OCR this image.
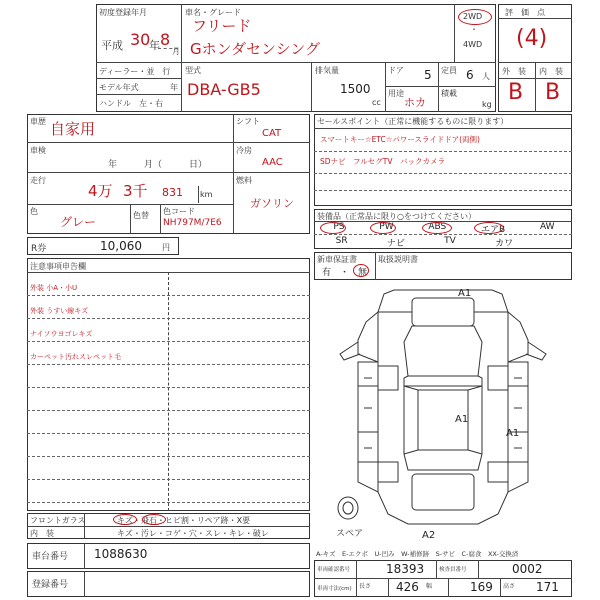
初度登録年月
平成 30
年 8
月
車名・グレード
フリード
Gホンダセンシング
2WD
・
4WD
ディーラー・並　行
モデル年式	年
ハンドル　左・右
型式
DBA-GB5
排気量
1500
cc
ドア 5
用途
ホカ
定員 6 人
積載
kg
評　価　点
(4)
外　装 内　装
B B
車歴 自家用
車検
年　　　月（　　　日）
走行
4万 3千 831 km
色
グレー	色替 色コード
NH797M/7E6
シフト
CAT
冷房
AAC
燃料
ガソリン
R券	10,060	円
セールスポイント（正常に機能するものに限ります）
スマートキー☆ETC☆パワースライドドア(両側)
SDナビ　フルセグTV　バックカメラ
装備品（正常品に限り○をつけてください）
PS	PW	ABS	エアB	AW
SR	ナビ	TV	カワ
新車保証書
有　・　無
取扱説明書
注意事項申告欄
外装 小A・小U
外装 うすい線キズ
ナイソウヨゴレキズ
カーペット汚れスレペット毛
フロントガラス	キズ・飛石・ヒビ割・リペア跡・X要
内　装	キズ・汚レ・コゲ・穴・スレ・キレ・破レ
車台番号 1088630
登録番号
A1
A1
A1
A2
スペア
A-キズ　E-エクボ　U-凹み　W-補修跡　S-サビ　C-腐食　XX-交換済
車両確認番号	18393	検査員番号	0002
車両寸法(cm) 長さ 426 幅	169 高さ 171
